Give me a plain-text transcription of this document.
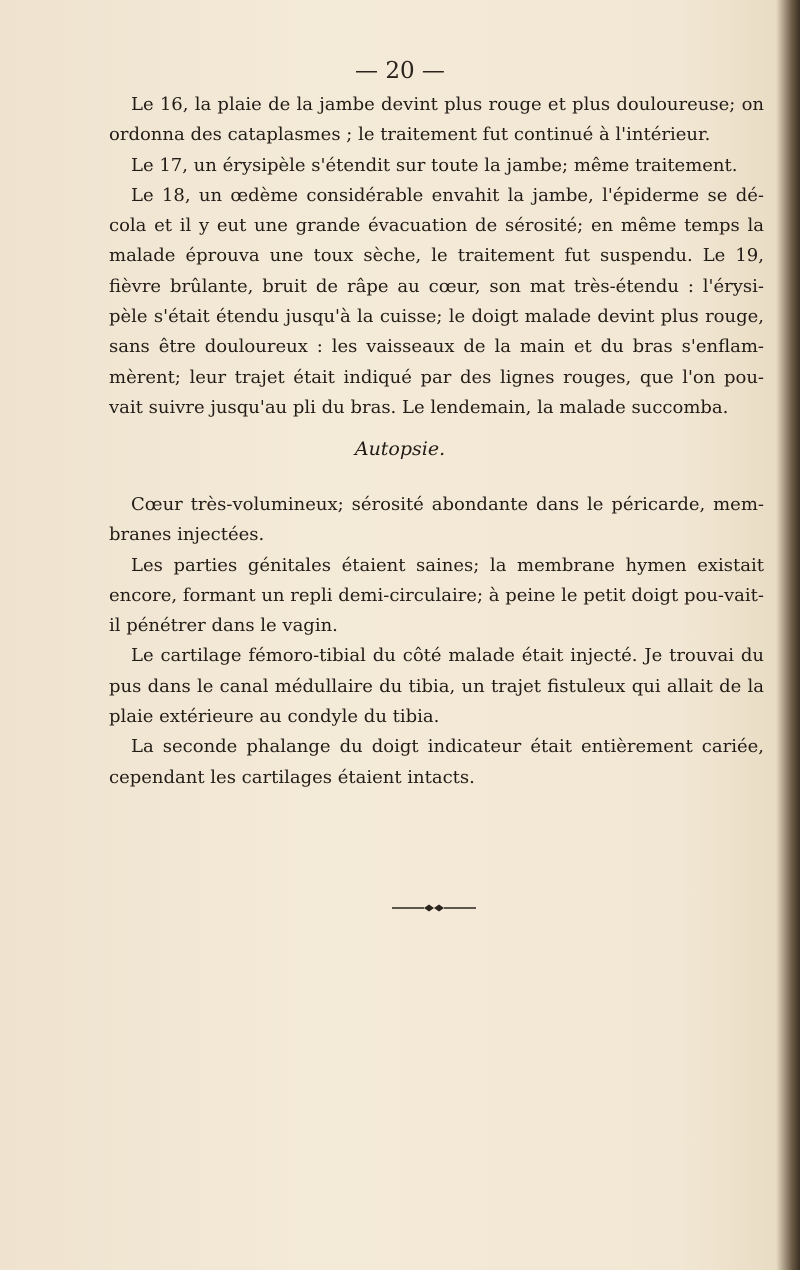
— 20 —

Le 16, la plaie de la jambe devint plus rouge et plus douloureuse; on ordonna des cataplasmes ; le traitement fut continué à l'intérieur.

Le 17, un érysipèle s'étendit sur toute la jambe; même traitement.

Le 18, un œdème considérable envahit la jambe, l'épiderme se dé-cola et il y eut une grande évacuation de sérosité; en même temps la malade éprouva une toux sèche, le traitement fut suspendu. Le 19, fièvre brûlante, bruit de râpe au cœur, son mat très-étendu : l'érysi-pèle s'était étendu jusqu'à la cuisse; le doigt malade devint plus rouge, sans être douloureux : les vaisseaux de la main et du bras s'enflam-mèrent; leur trajet était indiqué par des lignes rouges, que l'on pou-vait suivre jusqu'au pli du bras. Le lendemain, la malade succomba.

Autopsie.

Cœur très-volumineux; sérosité abondante dans le péricarde, mem-branes injectées.

Les parties génitales étaient saines; la membrane hymen existait encore, formant un repli demi-circulaire; à peine le petit doigt pou-vait-il pénétrer dans le vagin.

Le cartilage fémoro-tibial du côté malade était injecté. Je trouvai du pus dans le canal médullaire du tibia, un trajet fistuleux qui allait de la plaie extérieure au condyle du tibia.

La seconde phalange du doigt indicateur était entièrement cariée, cependant les cartilages étaient intacts.
